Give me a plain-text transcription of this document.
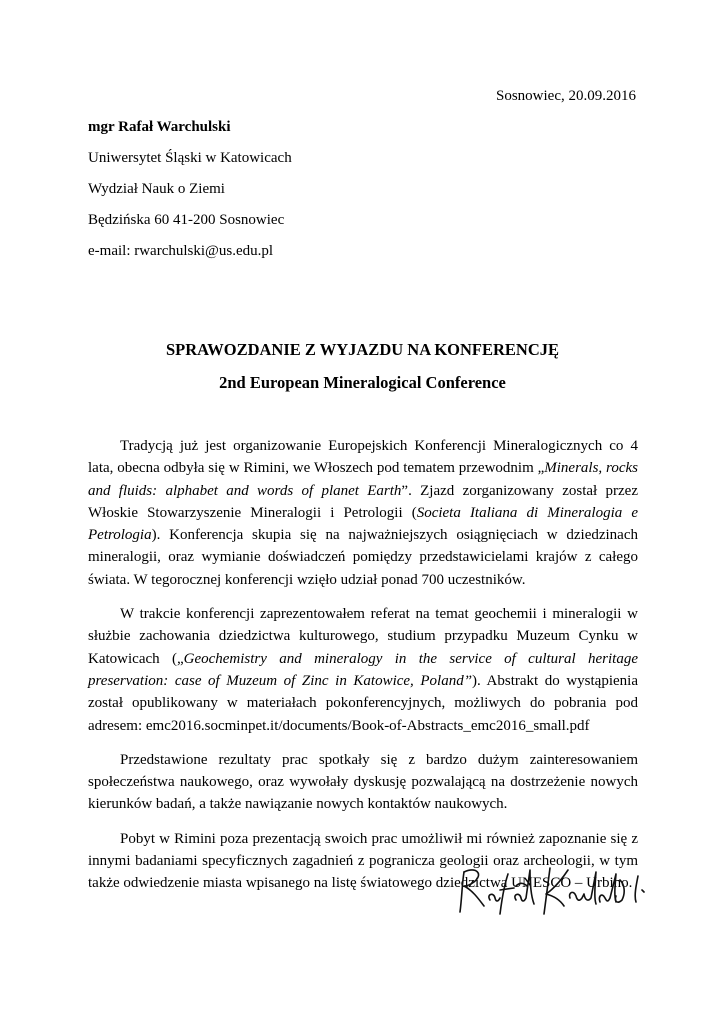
Sosnowiec, 20.09.2016
mgr Rafał Warchulski
Uniwersytet Śląski w Katowicach
Wydział Nauk o Ziemi
Będzińska 60 41-200 Sosnowiec
e-mail: rwarchulski@us.edu.pl
SPRAWOZDANIE Z WYJAZDU NA KONFERENCJĘ
2nd European Mineralogical Conference

Tradycją już jest organizowanie Europejskich Konferencji Mineralogicznych co 4 lata, obecna odbyła się w Rimini, we Włoszech pod tematem przewodnim „Minerals, rocks and fluids: alphabet and words of planet Earth”. Zjazd zorganizowany został przez Włoskie Stowarzyszenie Mineralogii i Petrologii (Societa Italiana di Mineralogia e Petrologia). Konferencja skupia się na najważniejszych osiągnięciach w dziedzinach mineralogii, oraz wymianie doświadczeń pomiędzy przedstawicielami krajów z całego świata. W tegorocznej konferencji wzięło udział ponad 700 uczestników.

W trakcie konferencji zaprezentowałem referat na temat geochemii i mineralogii w służbie zachowania dziedzictwa kulturowego, studium przypadku Muzeum Cynku w Katowicach („Geochemistry and mineralogy in the service of cultural heritage preservation: case of Muzeum of Zinc in Katowice, Poland”). Abstrakt do wystąpienia został opublikowany w materiałach pokonferencyjnych, możliwych do pobrania pod adresem: emc2016.socminpet.it/documents/Book-of-Abstracts_emc2016_small.pdf

Przedstawione rezultaty prac spotkały się z bardzo dużym zainteresowaniem społeczeństwa naukowego, oraz wywołały dyskusję pozwalającą na dostrzeżenie nowych kierunków badań, a także nawiązanie nowych kontaktów naukowych.

Pobyt w Rimini poza prezentacją swoich prac umożliwił mi również zapoznanie się z innymi badaniami specyficznych zagadnień z pogranicza geologii oraz archeologii, w tym także odwiedzenie miasta wpisanego na listę światowego dziedzictwa UNESCO – Urbino.
